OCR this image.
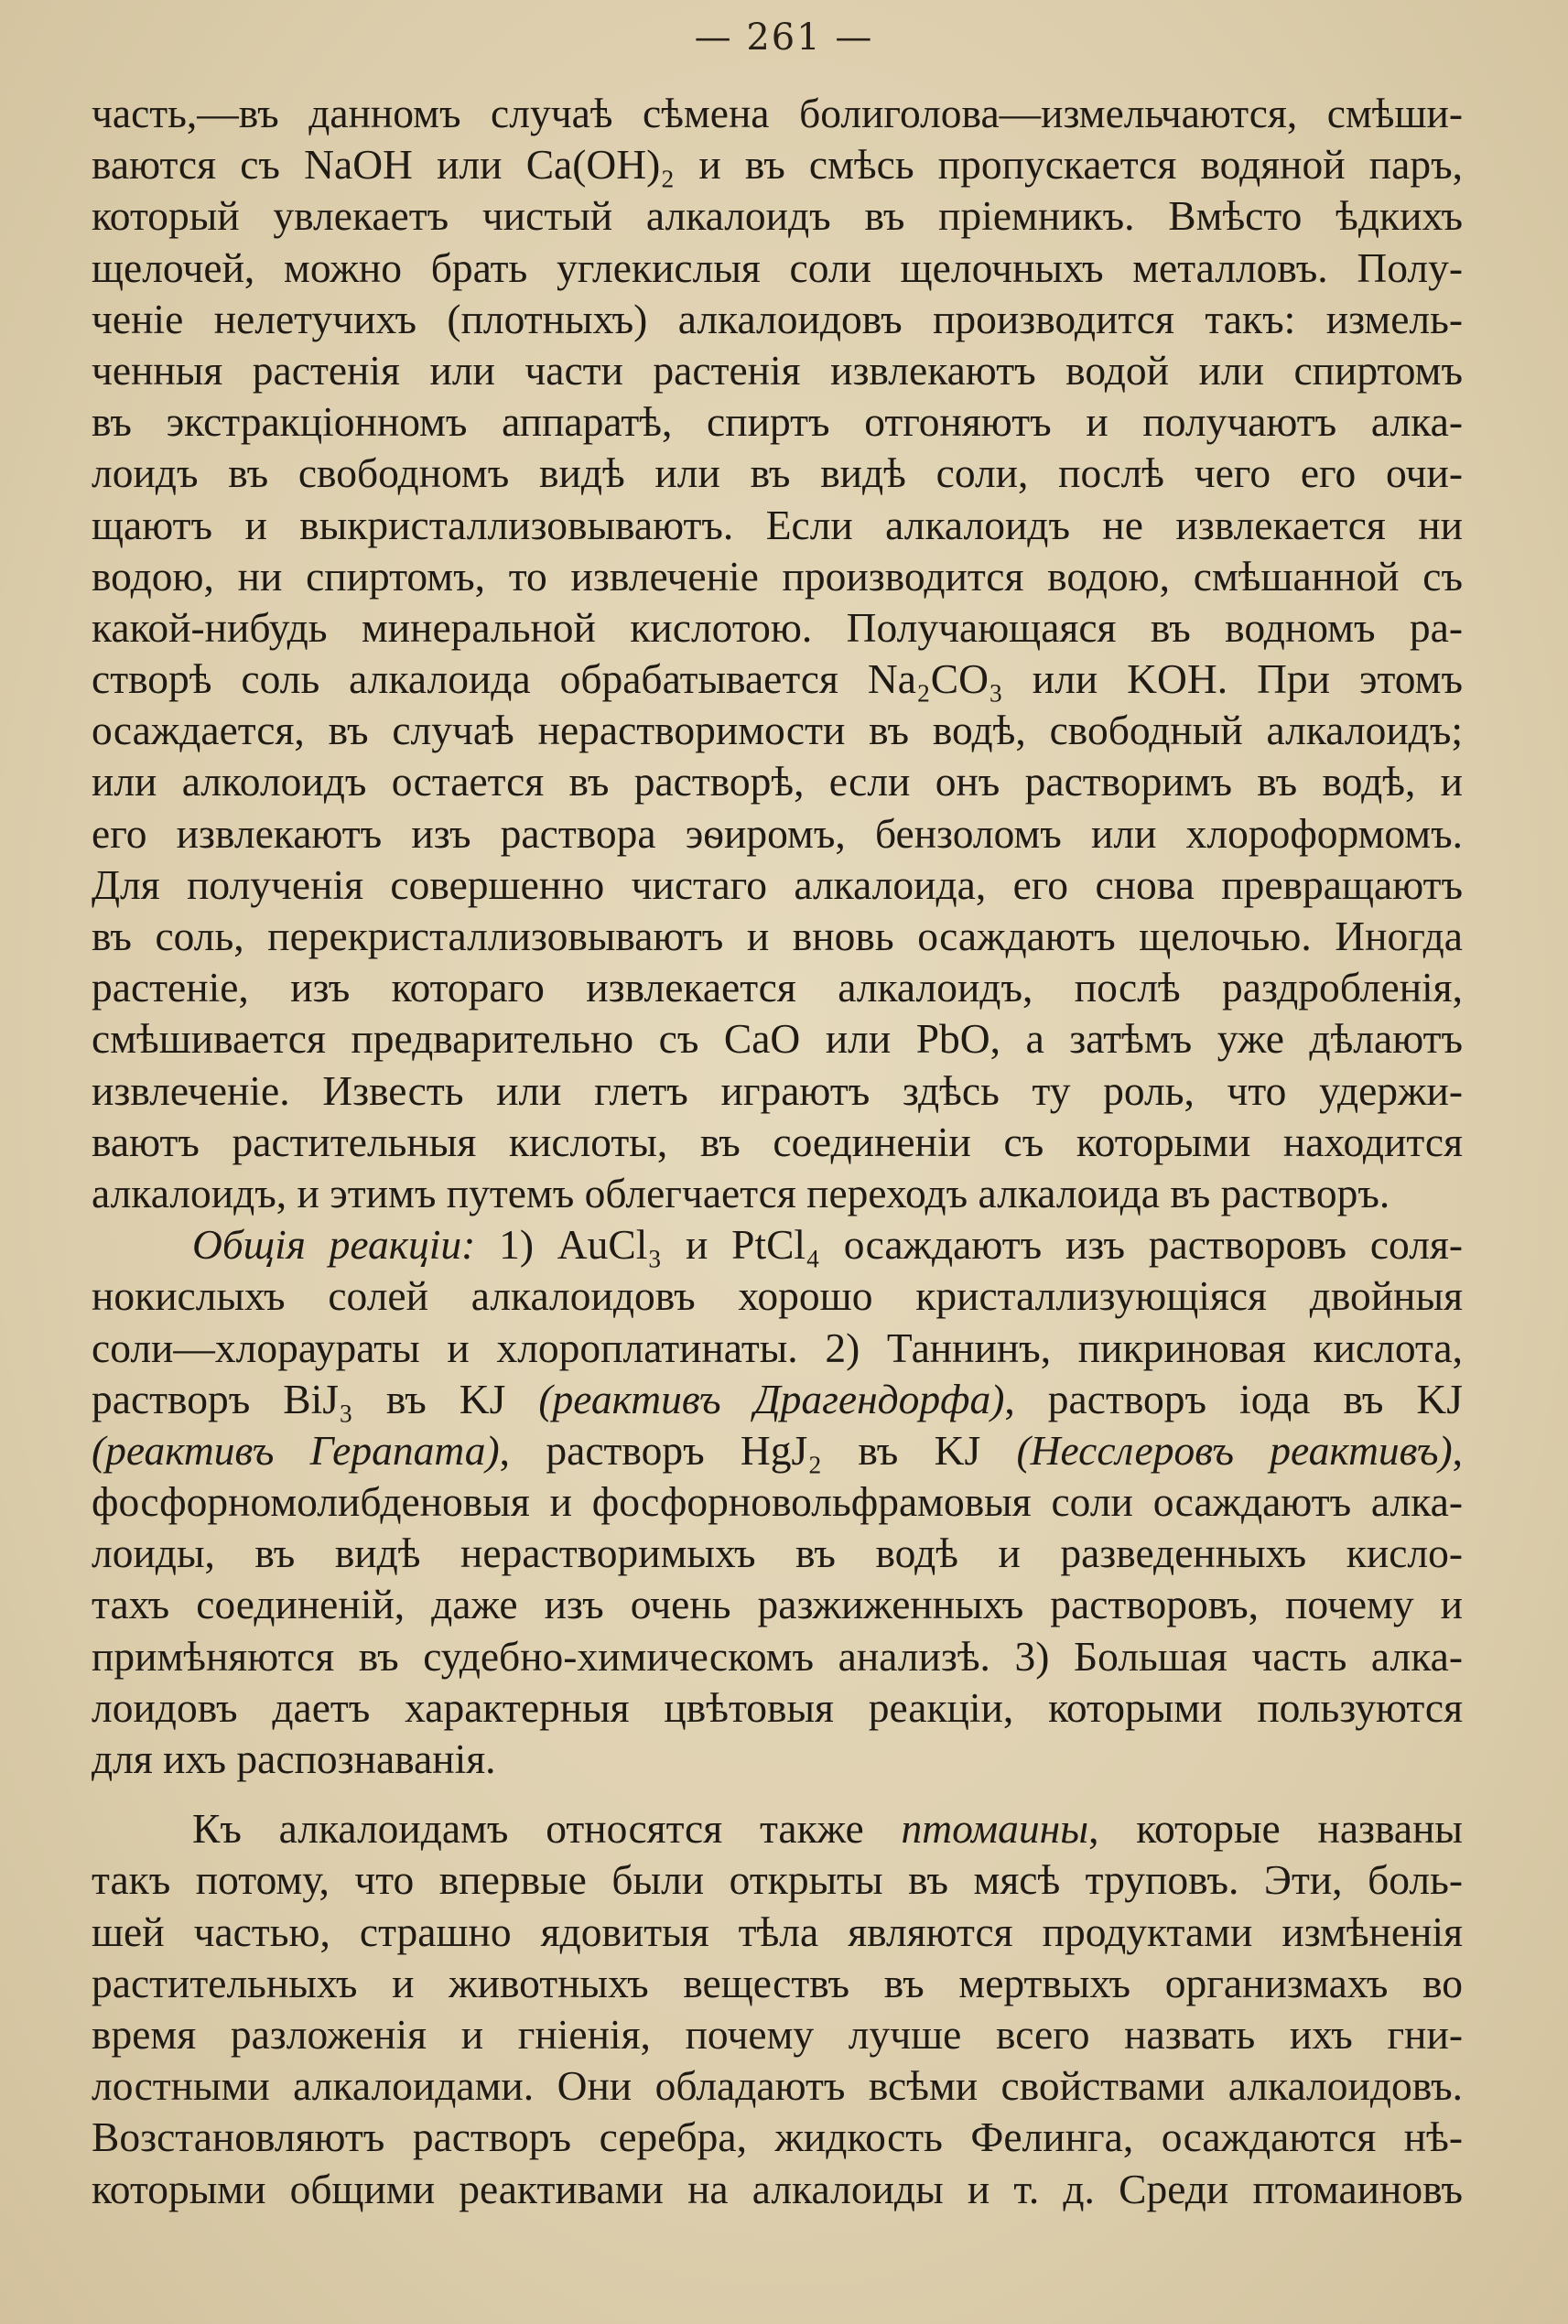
— 261 —
часть,—въ данномъ случаѣ сѣмена болиголова—измельчаются, смѣши-
ваются съ NaOH или Ca(OH)₂ и въ смѣсь пропускается водяной паръ,
который увлекаетъ чистый алкалоидъ въ пріемникъ. Вмѣсто ѣдкихъ
щелочей, можно брать углекислыя соли щелочныхъ металловъ. Полу-
ченіе нелетучихъ (плотныхъ) алкалоидовъ производится такъ: измель-
ченныя растенія или части растенія извлекаютъ водой или спиртомъ
въ экстракціонномъ аппаратѣ, спиртъ отгоняютъ и получаютъ алка-
лоидъ въ свободномъ видѣ или въ видѣ соли, послѣ чего его очи-
щаютъ и выкристаллизовываютъ. Если алкалоидъ не извлекается ни
водою, ни спиртомъ, то извлеченіе производится водою, смѣшанной съ
какой-нибудь минеральной кислотою. Получающаяся въ водномъ ра-
створѣ соль алкалоида обрабатывается Na₂CO₃ или KOH. При этомъ
осаждается, въ случаѣ нерастворимости въ водѣ, свободный алкалоидъ;
или алколоидъ остается въ растворѣ, если онъ растворимъ въ водѣ, и
его извлекаютъ изъ раствора эѳиромъ, бензоломъ или хлороформомъ.
Для полученія совершенно чистаго алкалоида, его снова превращаютъ
въ соль, перекристаллизовываютъ и вновь осаждаютъ щелочью. Иногда
растеніе, изъ котораго извлекается алкалоидъ, послѣ раздробленія,
смѣшивается предварительно съ CaO или PbO, а затѣмъ уже дѣлаютъ
извлеченіе. Известь или глетъ играютъ здѣсь ту роль, что удержи-
ваютъ растительныя кислоты, въ соединеніи съ которыми находится
алкалоидъ, и этимъ путемъ облегчается переходъ алкалоида въ растворъ.
Общія реакціи: 1) AuCl₃ и PtCl₄ осаждаютъ изъ растворовъ соля-
нокислыхъ солей алкалоидовъ хорошо кристаллизующіяся двойныя
соли—хлораураты и хлороплатинаты. 2) Таннинъ, пикриновая кислота,
растворъ BiJ₃ въ KJ (реактивъ Драгендорфа), растворъ іода въ KJ
(реактивъ Герапата), растворъ HgJ₂ въ KJ (Несслеровъ реактивъ),
фосфорномолибденовыя и фосфорновольфрамовыя соли осаждаютъ алка-
лоиды, въ видѣ нерастворимыхъ въ водѣ и разведенныхъ кисло-
тахъ соединеній, даже изъ очень разжиженныхъ растворовъ, почему и
примѣняются въ судебно-химическомъ анализѣ. 3) Большая часть алка-
лоидовъ даетъ характерныя цвѣтовыя реакціи, которыми пользуются
для ихъ распознаванія.
Къ алкалоидамъ относятся также птомаины, которые названы
такъ потому, что впервые были открыты въ мясѣ труповъ. Эти, боль-
шей частью, страшно ядовитыя тѣла являются продуктами измѣненія
растительныхъ и животныхъ веществъ въ мертвыхъ организмахъ во
время разложенія и гніенія, почему лучше всего назвать ихъ гни-
лостными алкалоидами. Они обладаютъ всѣми свойствами алкалоидовъ.
Возстановляютъ растворъ серебра, жидкость Фелинга, осаждаются нѣ-
которыми общими реактивами на алкалоиды и т. д. Среди птомаиновъ
